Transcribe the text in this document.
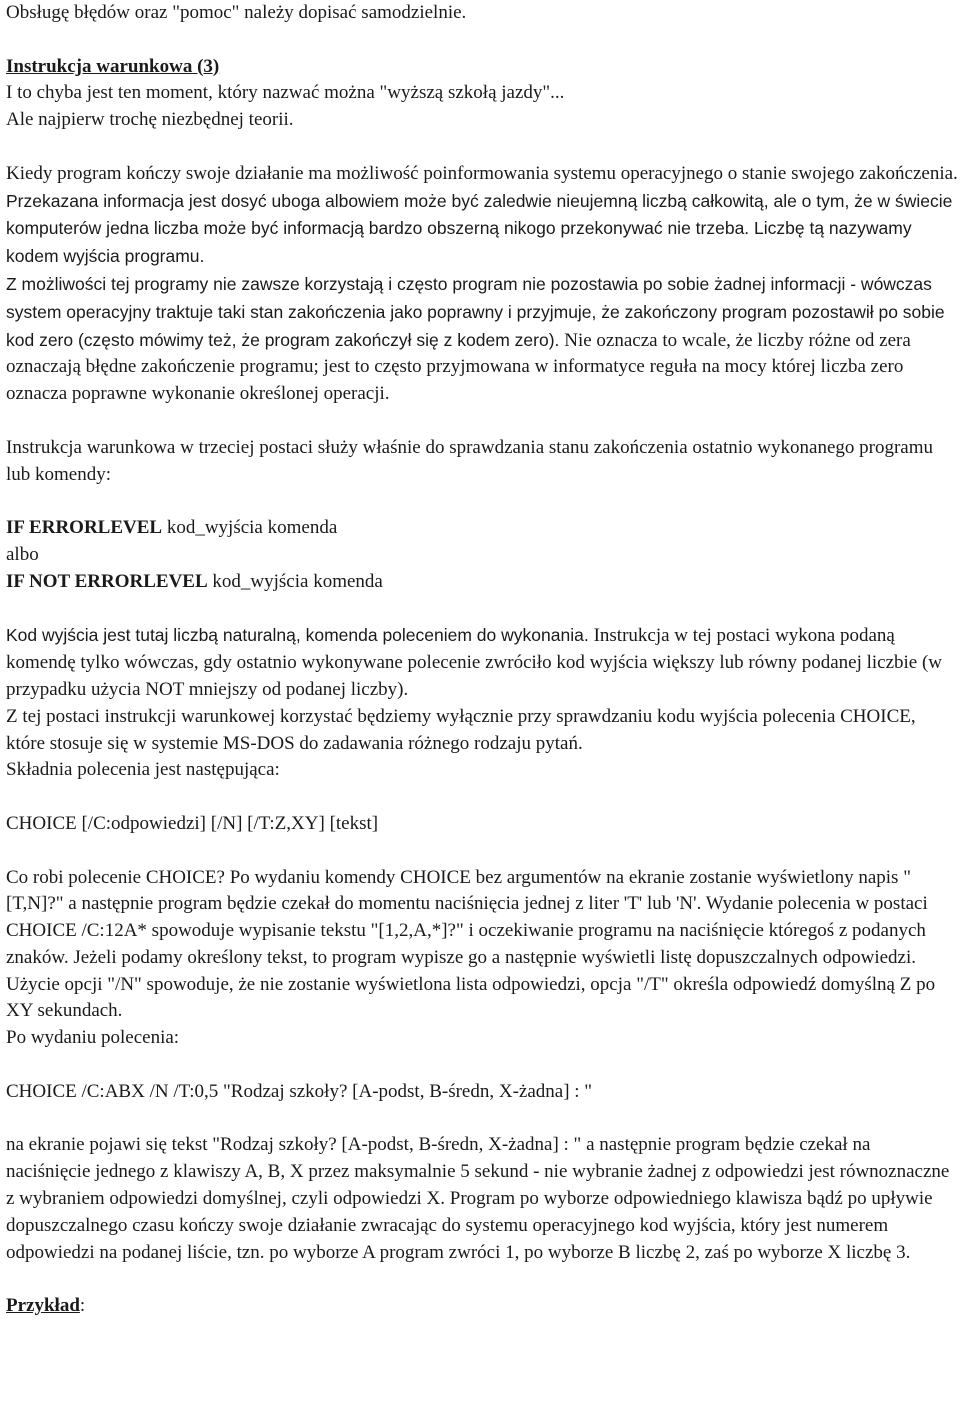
Obsługę błędów oraz "pomoc" należy dopisać samodzielnie.

Instrukcja warunkowa (3)

I to chyba jest ten moment, który nazwać można "wyższą szkołą jazdy"...

Ale najpierw trochę niezbędnej teorii.

Kiedy program kończy swoje działanie ma możliwość poinformowania systemu operacyjnego o stanie swojego zakończenia. Przekazana informacja jest dosyć uboga albowiem może być zaledwie nieujemną liczbą całkowitą, ale o tym, że w świecie komputerów jedna liczba może być informacją bardzo obszerną nikogo przekonywać nie trzeba. Liczbę tą nazywamy kodem wyjścia programu.

Z możliwości tej programy nie zawsze korzystają i często program nie pozostawia po sobie żadnej informacji - wówczas system operacyjny traktuje taki stan zakończenia jako poprawny i przyjmuje, że zakończony program pozostawił po sobie kod zero (często mówimy też, że program zakończył się z kodem zero). Nie oznacza to wcale, że liczby różne od zera oznaczają błędne zakończenie programu; jest to często przyjmowana w informatyce reguła na mocy której liczba zero oznacza poprawne wykonanie określonej operacji.

Instrukcja warunkowa w trzeciej postaci służy właśnie do sprawdzania stanu zakończenia ostatnio wykonanego programu lub komendy:

IF ERRORLEVEL kod_wyjścia komenda

albo

IF NOT ERRORLEVEL kod_wyjścia komenda

Kod wyjścia jest tutaj liczbą naturalną, komenda poleceniem do wykonania. Instrukcja w tej postaci wykona podaną komendę tylko wówczas, gdy ostatnio wykonywane polecenie zwróciło kod wyjścia większy lub równy podanej liczbie (w przypadku użycia NOT mniejszy od podanej liczby).

Z tej postaci instrukcji warunkowej korzystać będziemy wyłącznie przy sprawdzaniu kodu wyjścia polecenia CHOICE, które stosuje się w systemie MS-DOS do zadawania różnego rodzaju pytań.

Składnia polecenia jest następująca:

CHOICE [/C:odpowiedzi] [/N] [/T:Z,XY] [tekst]

Co robi polecenie CHOICE? Po wydaniu komendy CHOICE bez argumentów na ekranie zostanie wyświetlony napis "[T,N]?" a następnie program będzie czekał do momentu naciśnięcia jednej z liter 'T' lub 'N'. Wydanie polecenia w postaci CHOICE /C:12A* spowoduje wypisanie tekstu "[1,2,A,*]?" i oczekiwanie programu na naciśnięcie któregoś z podanych znaków. Jeżeli podamy określony tekst, to program wypisze go a następnie wyświetli listę dopuszczalnych odpowiedzi. Użycie opcji "/N" spowoduje, że nie zostanie wyświetlona lista odpowiedzi, opcja "/T" określa odpowiedź domyślną Z po XY sekundach.

Po wydaniu polecenia:

CHOICE /C:ABX /N /T:0,5 "Rodzaj szkoły? [A-podst, B-średn, X-żadna] : "

na ekranie pojawi się tekst "Rodzaj szkoły? [A-podst, B-średn, X-żadna] : " a następnie program będzie czekał na naciśnięcie jednego z klawiszy A, B, X przez maksymalnie 5 sekund - nie wybranie żadnej z odpowiedzi jest równoznaczne z wybraniem odpowiedzi domyślnej, czyli odpowiedzi X. Program po wyborze odpowiedniego klawisza bądź po upływie dopuszczalnego czasu kończy swoje działanie zwracając do systemu operacyjnego kod wyjścia, który jest numerem odpowiedzi na podanej liście, tzn. po wyborze A program zwróci 1, po wyborze B liczbę 2, zaś po wyborze X liczbę 3.

Przykład:
